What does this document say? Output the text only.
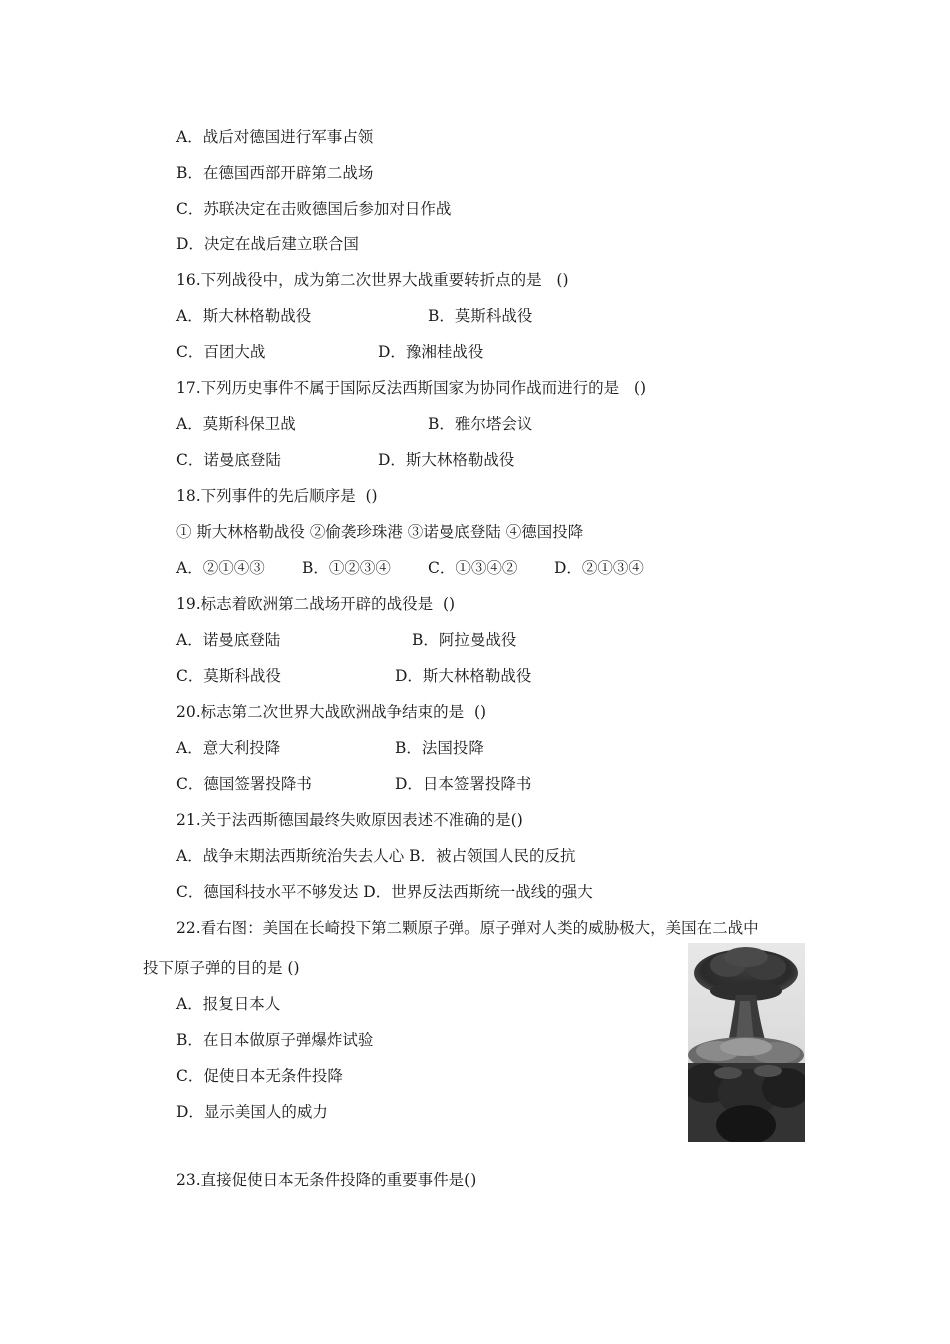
A．战后对德国进行军事占领
B．在德国西部开辟第二战场
C．苏联决定在击败德国后参加对日作战
D．决定在战后建立联合国
16.下列战役中，成为第二次世界大战重要转折点的是   ()
A．斯大林格勒战役	B．莫斯科战役
C．百团大战	D．豫湘桂战役
17.下列历史事件不属于国际反法西斯国家为协同作战而进行的是   ()
A．莫斯科保卫战	B．雅尔塔会议
C．诺曼底登陆	D．斯大林格勒战役
18.下列事件的先后顺序是  ()
① 斯大林格勒战役 ②偷袭珍珠港 ③诺曼底登陆 ④德国投降
A．②①④③ B．①②③④ C．①③④② D．②①③④
19.标志着欧洲第二战场开辟的战役是  ()
A．诺曼底登陆	B．阿拉曼战役
C．莫斯科战役	D．斯大林格勒战役
20.标志第二次世界大战欧洲战争结束的是  ()
A．意大利投降	B．法国投降
C．德国签署投降书	D．日本签署投降书
21.关于法西斯德国最终失败原因表述不准确的是()
A．战争末期法西斯统治失去人心 B．被占领国人民的反抗
C．德国科技水平不够发达 D．世界反法西斯统一战线的强大
22.看右图：美国在长崎投下第二颗原子弹。原子弹对人类的威胁极大，美国在二战中
投下原子弹的目的是 ()
A．报复日本人
B．在日本做原子弹爆炸试验
C．促使日本无条件投降
D．显示美国人的威力
23.直接促使日本无条件投降的重要事件是()
